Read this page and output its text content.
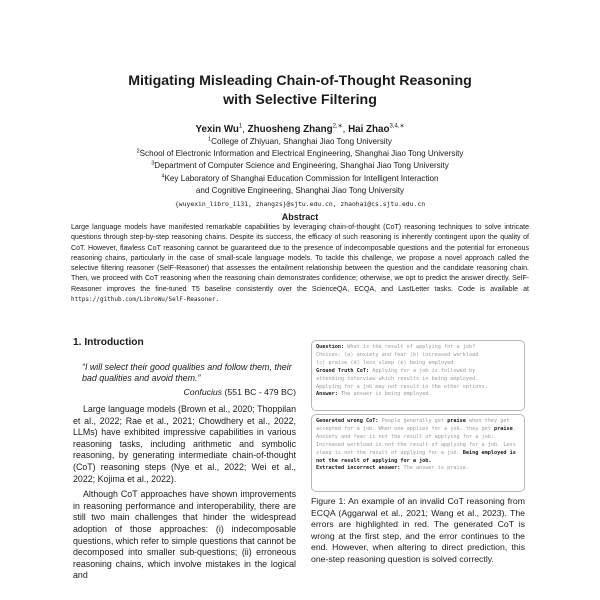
Mitigating Misleading Chain-of-Thought Reasoning
with Selective Filtering
Yexin Wu$^1$, Zhuosheng Zhang$^{2,∗}$, Hai Zhao$^{3,4,∗}$
$^1$College of Zhiyuan, Shanghai Jiao Tong University
$^2$School of Electronic Information and Electrical Engineering, Shanghai Jiao Tong University
$^3$Department of Computer Science and Engineering, Shanghai Jiao Tong University
$^4$Key Laboratory of Shanghai Education Commission for Intelligent Interaction
and Cognitive Engineering, Shanghai Jiao Tong University
{wuyexin_libro_i131, zhangzs}@sjtu.edu.cn, zhaohai@cs.sjtu.edu.cn
Abstract
Large language models have manifested remarkable capabilities by leveraging chain-of-thought (CoT) reasoning techniques to solve intricate questions through step-by-step reasoning chains. Despite its success, the efficacy of such reasoning is inherently contingent upon the quality of CoT. However, flawless CoT reasoning cannot be guaranteed due to the presence of indecomposable questions and the potential for erroneous reasoning chains, particularly in the case of small-scale language models. To tackle this challenge, we propose a novel approach called the selective filtering reasoner (SelF-Reasoner) that assesses the entailment relationship between the question and the candidate reasoning chain. Then, we proceed with CoT reasoning when the reasoning chain demonstrates confidence; otherwise, we opt to predict the answer directly. SelF-Reasoner improves the fine-tuned T5 baseline consistently over the ScienceQA, ECQA, and LastLetter tasks. Code is available at https://github.com/LibroWu/SelF-Reasoner.
1. Introduction
“I will select their good qualities and follow them, their bad qualities and avoid them.”
Confucius (551 BC - 479 BC)

Large language models (Brown et al., 2020; Thoppilan et al., 2022; Rae et al., 2021; Chowdhery et al., 2022, LLMs) have exhibited impressive capabilities in various reasoning tasks, including arithmetic and symbolic reasoning, by generating intermediate chain-of-thought (CoT) reasoning steps (Nye et al., 2022; Wei et al., 2022; Kojima et al., 2022).

Although CoT approaches have shown improvements in reasoning performance and interoperability, there are still two main challenges that hinder the widespread adoption of those approaches: (i) indecomposable questions, which refer to simple questions that cannot be decomposed into smaller sub-questions; (ii) erroneous reasoning chains, which involve mistakes in the logical and

Question: What is the result of applying for a job?
Choices: (a) anxiety and fear (b) increased workload
(c) praise (d) less sleep (e) being employed
Ground Truth CoT: Applying for a job is followed by
attending interview which results in being employed.
Applying for a job may not result in the other options.
Answer: The answer is being employed.
Generated wrong CoT: People generally get praise when they get accepted for a job. When one applies for a job, they get praise. Anxiety and fear is not the result of applying for a job. Increased workload is not the result of applying for a job. Less sleep is not the result of applying for a job. Being employed is not the result of applying for a job.
Extracted incorrect answer: The answer is praise.
Figure 1: An example of an invalid CoT reasoning from ECQA (Aggarwal et al., 2021; Wang et al., 2023). The errors are highlighted in red. The generated CoT is wrong at the first step, and the error continues to the end. However, when altering to direct prediction, this one-step reasoning question is solved correctly.
